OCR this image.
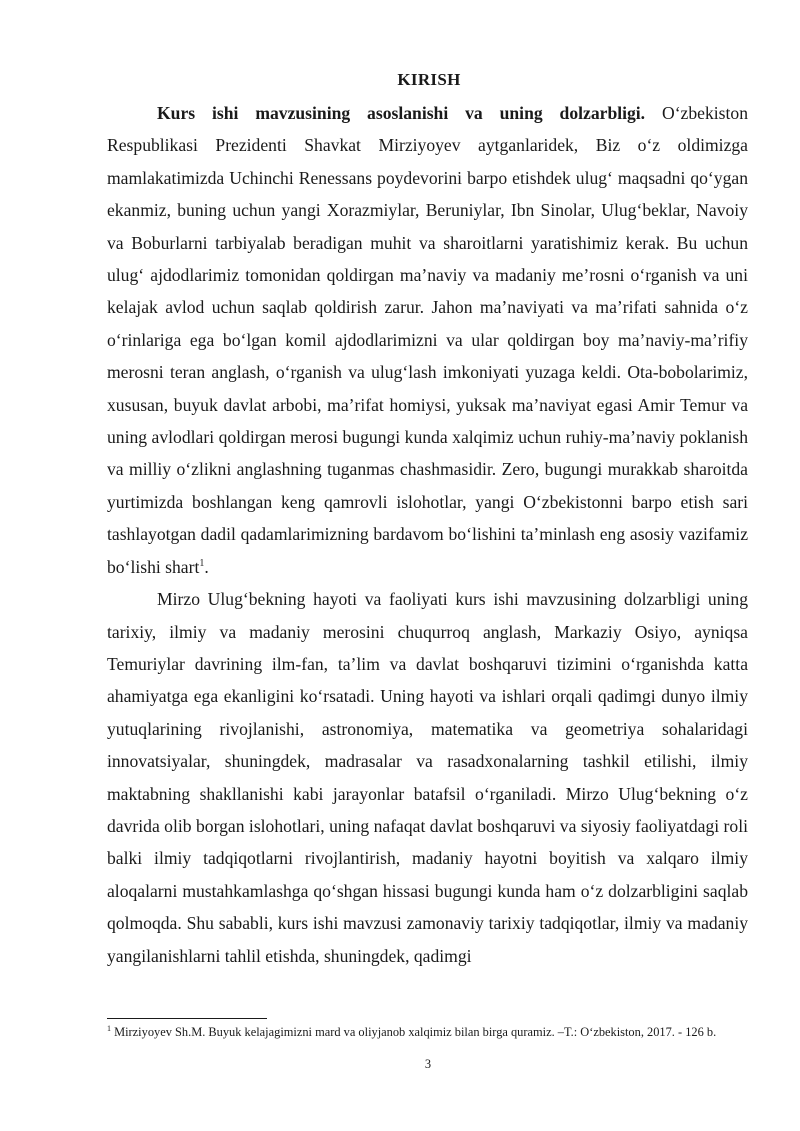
KIRISH

Kurs ishi mavzusining asoslanishi va uning dolzarbligi. O‘zbekiston Respublikasi Prezidenti Shavkat Mirziyoyev aytganlaridek, Biz o‘z oldimizga mamlakatimizda Uchinchi Renessans poydevorini barpo etishdek ulug‘ maqsadni qo‘ygan ekanmiz, buning uchun yangi Xorazmiylar, Beruniylar, Ibn Sinolar, Ulug‘beklar, Navoiy va Boburlarni tarbiyalab beradigan muhit va sharoitlarni yaratishimiz kerak. Bu uchun ulug‘ ajdodlarimiz tomonidan qoldirgan ma’naviy va madaniy me’rosni o‘rganish va uni kelajak avlod uchun saqlab qoldirish zarur. Jahon ma’naviyati va ma’rifati sahnida o‘z o‘rinlariga ega bo‘lgan komil ajdodlarimizni va ular qoldirgan boy ma’naviy-ma’rifiy merosni teran anglash, o‘rganish va ulug‘lash imkoniyati yuzaga keldi. Ota-bobolarimiz, xususan, buyuk davlat arbobi, ma’rifat homiysi, yuksak ma’naviyat egasi Amir Temur va uning avlodlari qoldirgan merosi bugungi kunda xalqimiz uchun ruhiy-ma’naviy poklanish va milliy o‘zlikni anglashning tuganmas chashmasidir. Zero, bugungi murakkab sharoitda yurtimizda boshlangan keng qamrovli islohotlar, yangi O‘zbekistonni barpo etish sari tashlayotgan dadil qadamlarimizning bardavom bo‘lishini ta’minlash eng asosiy vazifamiz bo‘lishi shart$^1$.

Mirzo Ulug‘bekning hayoti va faoliyati kurs ishi mavzusining dolzarbligi uning tarixiy, ilmiy va madaniy merosini chuqurroq anglash, Markaziy Osiyo, ayniqsa Temuriylar davrining ilm-fan, ta’lim va davlat boshqaruvi tizimini o‘rganishda katta ahamiyatga ega ekanligini ko‘rsatadi. Uning hayoti va ishlari orqali qadimgi dunyo ilmiy yutuqlarining rivojlanishi, astronomiya, matematika va geometriya sohalaridagi innovatsiyalar, shuningdek, madrasalar va rasadxonalarning tashkil etilishi, ilmiy maktabning shakllanishi kabi jarayonlar batafsil o‘rganiladi. Mirzo Ulug‘bekning o‘z davrida olib borgan islohotlari, uning nafaqat davlat boshqaruvi va siyosiy faoliyatdagi roli balki ilmiy tadqiqotlarni rivojlantirish, madaniy hayotni boyitish va xalqaro ilmiy aloqalarni mustahkamlashga qo‘shgan hissasi bugungi kunda ham o‘z dolzarbligini saqlab qolmoqda. Shu sababli, kurs ishi mavzusi zamonaviy tarixiy tadqiqotlar, ilmiy va madaniy yangilanishlarni tahlil etishda, shuningdek, qadimgi

$^1$ Mirziyoyev Sh.M. Buyuk kelajagimizni mard va oliyjanob xalqimiz bilan birga quramiz. –T.: O‘zbekiston, 2017. - 126 b.
3
